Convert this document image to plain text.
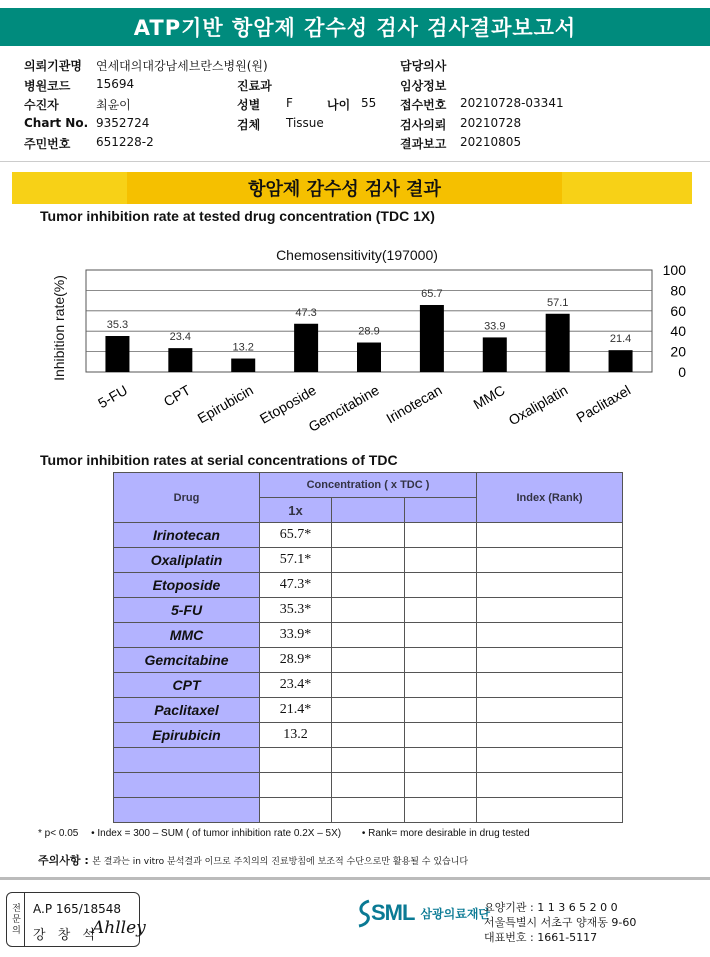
ATP기반 항암제 감수성 검사 검사결과보고서
의뢰기관명 연세대의대강남세브란스병원(원)
병원코드 15694
수진자	최윤이
Chart No. 9352724
주민번호 651228-2
진료과
성별 F	나이 55
검체 Tissue
담당의사
임상정보
접수번호 20210728-03341
검사의뢰 20210728
결과보고 20210805
항암제 감수성 검사 결과
Tumor inhibition rate at tested drug concentration (TDC 1X)
Chemosensitivity(197000)
Inhibition rate(%)	35.3
23.4
13.2
47.3
28.9
65.7
33.9
57.1
21.4
0
20
40
60
80
100
5-FU CPT Epirubicin Etoposide
Gemcitabine Irinotecan MMC
Oxaliplatin Paclitaxel
Tumor inhibition rates at serial concentrations of TDC
Drug	Concentration ( x TDC )			Index (Rank)
	1x			
Irinotecan	65.7*			
Oxaliplatin	57.1*			
Etoposide	47.3*			
5-FU	35.3*			
MMC	33.9*			
Gemcitabine	28.9*			
CPT	23.4*			
Paclitaxel	21.4*			
Epirubicin	13.2			

* p< 0.05 • Index = 300 – SUM ( of tumor inhibition rate 0.2X – 5X) • Rank= more desirable in drug tested
주의사항 : 본 결과는 in vitro 분석결과 이므로 주치의의 진료방침에 보조적 수단으로만 활용될 수 있습니다
전문의	A.P 165/18548
강 창 석
Ahlley
SML 삼광의료재단
요양기관 : 1 1 3 6 5 2 0 0
서울특별시 서초구 양재동 9-60
대표번호 : 1661-5117
